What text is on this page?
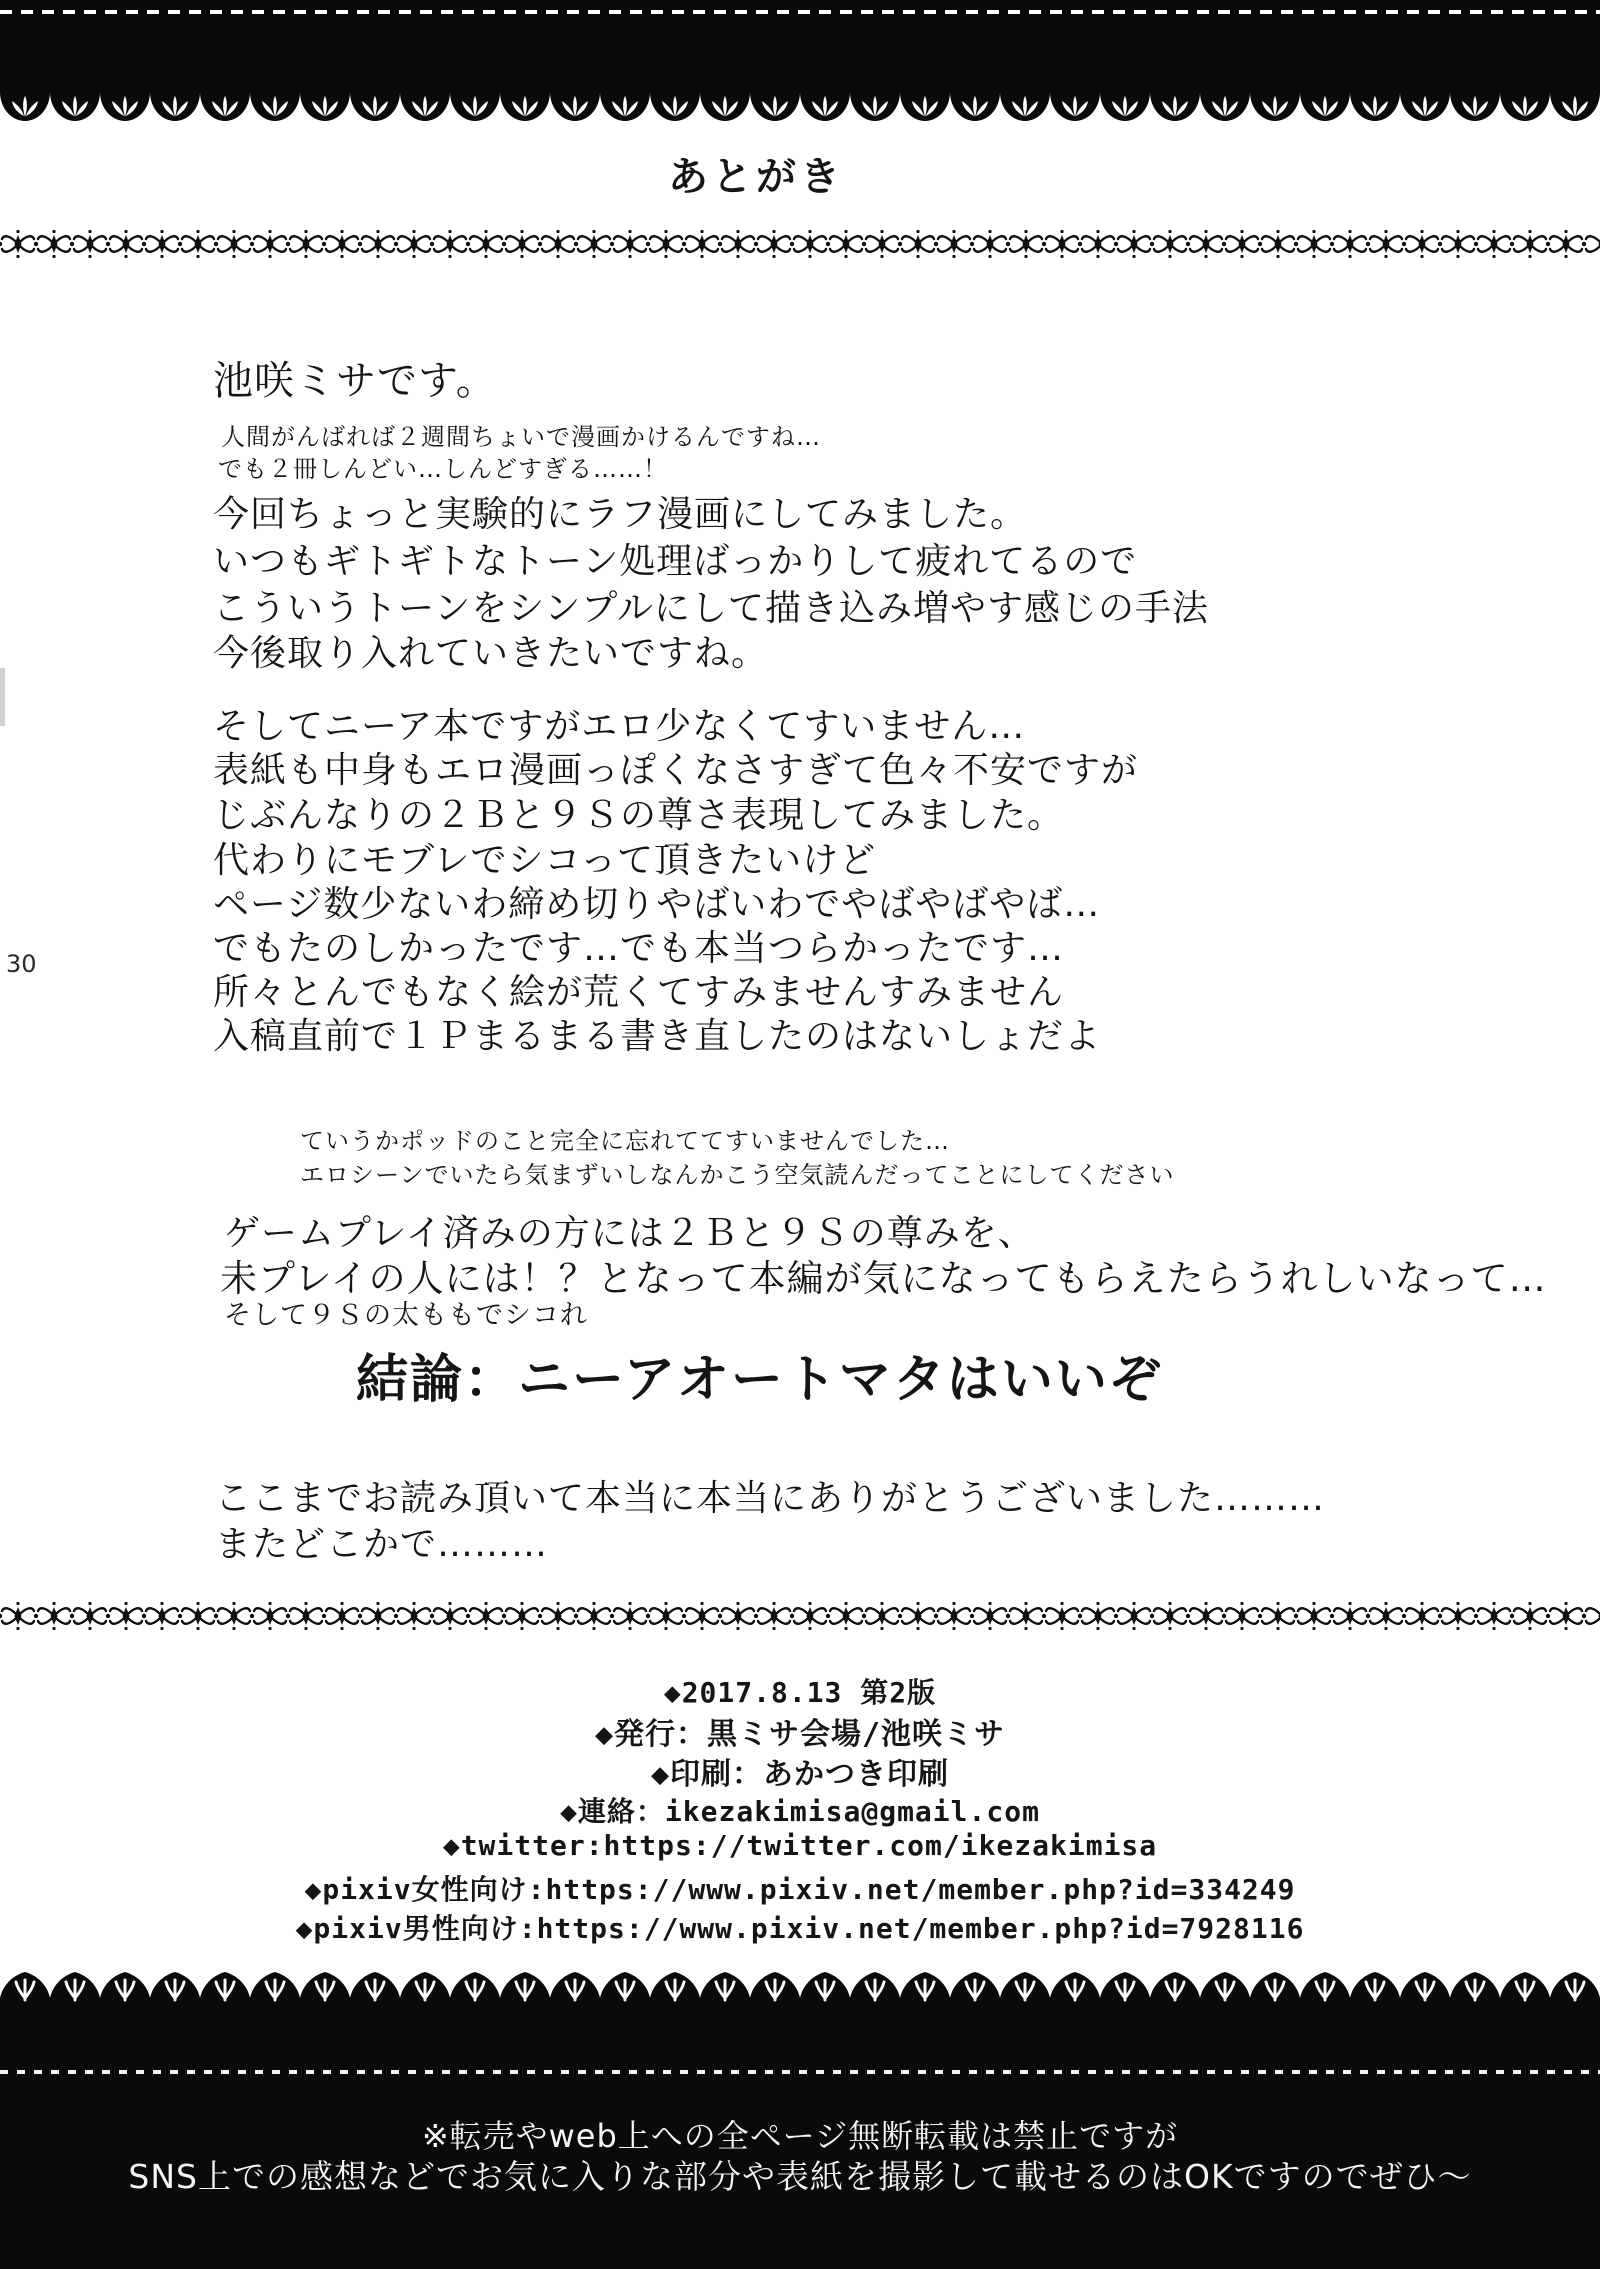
あとがき
30
池咲ミサです。
人間がんばれば２週間ちょいで漫画かけるんですね…
でも２冊しんどい…しんどすぎる……！
今回ちょっと実験的にラフ漫画にしてみました。
いつもギトギトなトーン処理ばっかりして疲れてるので
こういうトーンをシンプルにして描き込み増やす感じの手法
今後取り入れていきたいですね。
そしてニーア本ですがエロ少なくてすいません…
表紙も中身もエロ漫画っぽくなさすぎて色々不安ですが
じぶんなりの２Ｂと９Ｓの尊さ表現してみました。
代わりにモブレでシコって頂きたいけど
ページ数少ないわ締め切りやばいわでやばやばやば…
でもたのしかったです…でも本当つらかったです…
所々とんでもなく絵が荒くてすみませんすみません
入稿直前で１Ｐまるまる書き直したのはないしょだよ
ていうかポッドのこと完全に忘れててすいませんでした…
エロシーンでいたら気まずいしなんかこう空気読んだってことにしてください
ゲームプレイ済みの方には２Ｂと９Ｓの尊みを、
未プレイの人には！？となって本編が気になってもらえたらうれしいなって…
そして９Ｓの太ももでシコれ
結論：ニーアオートマタはいいぞ
ここまでお読み頂いて本当に本当にありがとうございました………
またどこかで………
◆2017.8.13 第2版
◆発行：黒ミサ会場/池咲ミサ
◆印刷：あかつき印刷
◆連絡：ikezakimisa@gmail.com
◆twitter:https://twitter.com/ikezakimisa
◆pixiv女性向け:https://www.pixiv.net/member.php?id=334249
◆pixiv男性向け:https://www.pixiv.net/member.php?id=7928116
※転売やweb上への全ページ無断転載は禁止ですが
SNS上での感想などでお気に入りな部分や表紙を撮影して載せるのはOKですのでぜひ〜
